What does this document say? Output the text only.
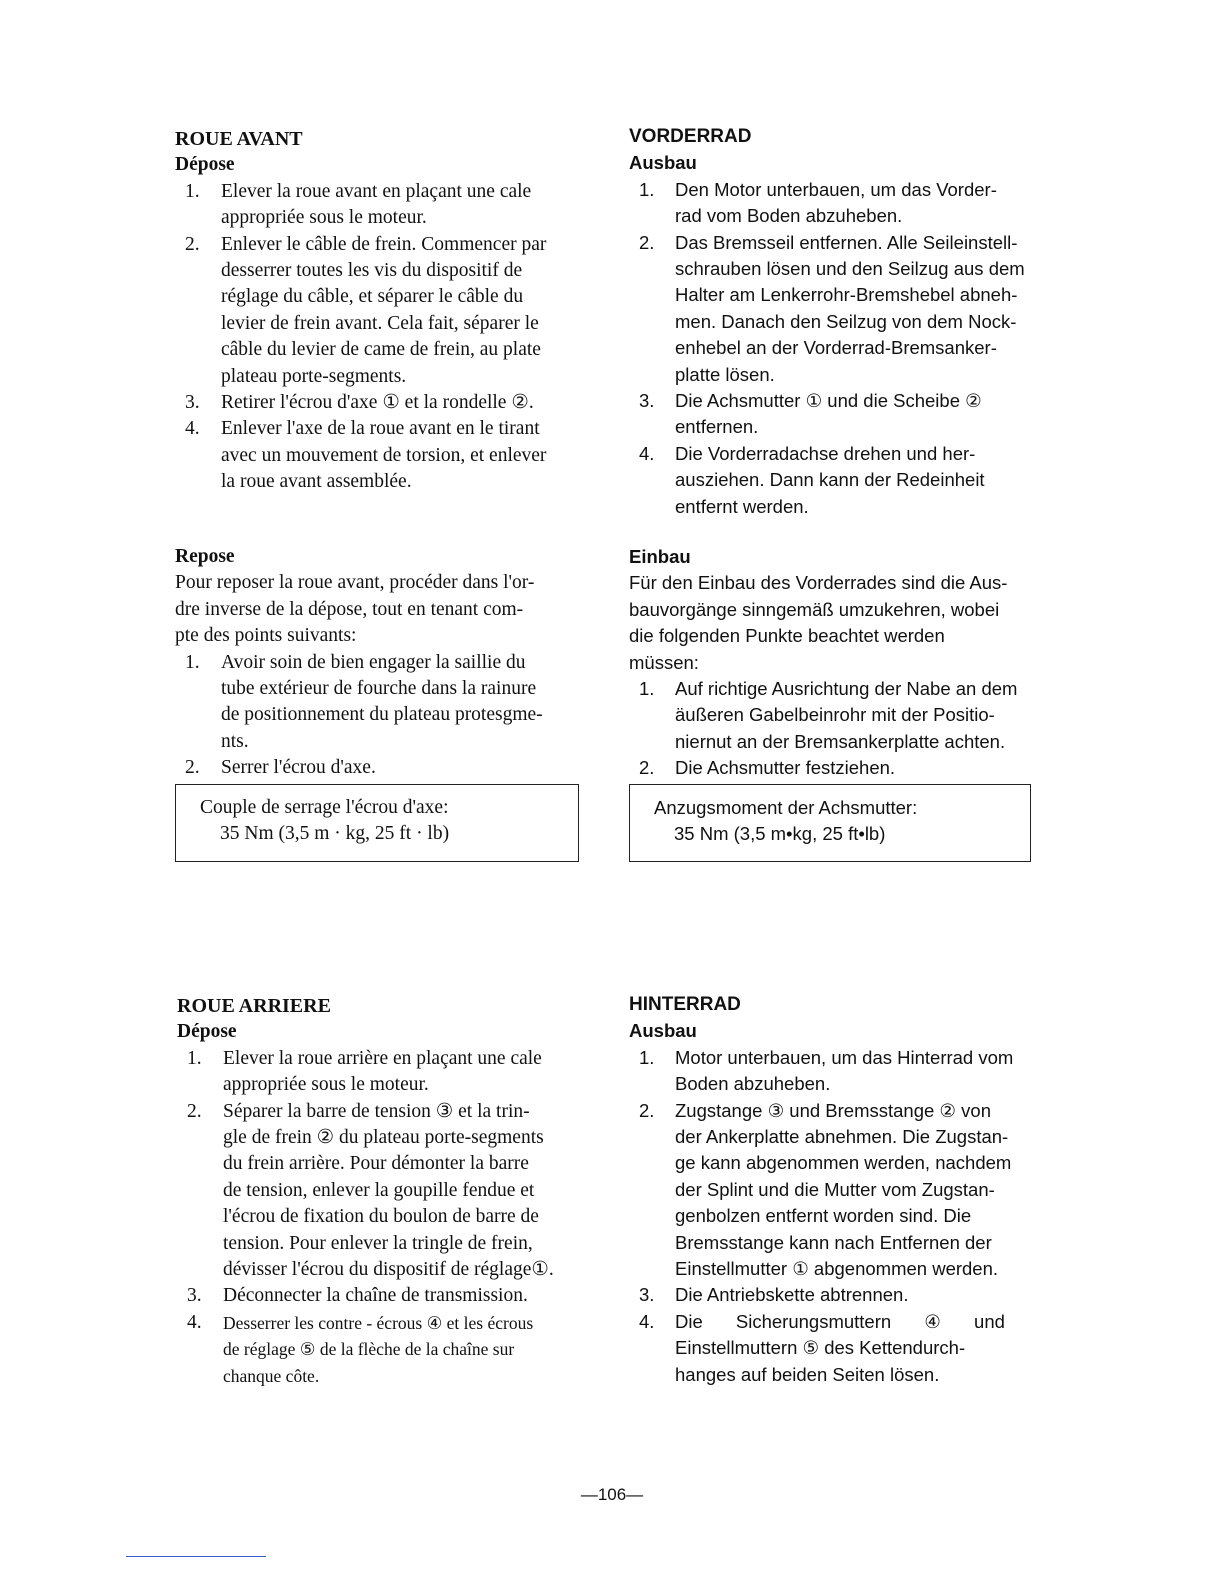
ROUE AVANT

Dépose

1. Elever la roue avant en plaçant une cale
appropriée sous le moteur.
2. Enlever le câble de frein. Commencer par
desserrer toutes les vis du dispositif de
réglage du câble, et séparer le câble du
levier de frein avant. Cela fait, séparer le
câble du levier de came de frein, au plate
plateau porte-segments.
3. Retirer l'écrou d'axe ① et la rondelle ②.
4. Enlever l'axe de la roue avant en le tirant
avec un mouvement de torsion, et enlever
la roue avant assemblée.

Repose

Pour reposer la roue avant, procéder dans l'or-
dre inverse de la dépose, tout en tenant com-
pte des points suivants:
1. Avoir soin de bien engager la saillie du
tube extérieur de fourche dans la rainure
de positionnement du plateau protesgme-
nts.
2. Serrer l'écrou d'axe.
Couple de serrage l'écrou d'axe:
35 Nm (3,5 m · kg, 25 ft · lb)

VORDERRAD

Ausbau

1. Den Motor unterbauen, um das Vorder-
rad vom Boden abzuheben.
2. Das Bremsseil entfernen. Alle Seileinstell-
schrauben lösen und den Seilzug aus dem
Halter am Lenkerrohr-Bremshebel abneh-
men. Danach den Seilzug von dem Nock-
enhebel an der Vorderrad-Bremsanker-
platte lösen.
3. Die Achsmutter ① und die Scheibe ②
entfernen.
4. Die Vorderradachse drehen und her-
ausziehen. Dann kann der Redeinheit
entfernt werden.

Einbau

Für den Einbau des Vorderrades sind die Aus-
bauvorgänge sinngemäß umzukehren, wobei
die folgenden Punkte beachtet werden
müssen:
1. Auf richtige Ausrichtung der Nabe an dem
äußeren Gabelbeinrohr mit der Positio-
niernut an der Bremsankerplatte achten.
2. Die Achsmutter festziehen.
Anzugsmoment der Achsmutter:
35 Nm (3,5 m•kg, 25 ft•lb)

ROUE ARRIERE

Dépose

1. Elever la roue arrière en plaçant une cale
appropriée sous le moteur.
2. Séparer la barre de tension ③ et la trin-
gle de frein ② du plateau porte-segments
du frein arrière. Pour démonter la barre
de tension, enlever la goupille fendue et
l'écrou de fixation du boulon de barre de
tension. Pour enlever la tringle de frein,
dévisser l'écrou du dispositif de réglage①.
3. Déconnecter la chaîne de transmission.
4. Desserrer les contre - écrous ④ et les écrous
de réglage ⑤ de la flèche de la chaîne sur
chanque côte.

HINTERRAD

Ausbau

1. Motor unterbauen, um das Hinterrad vom
Boden abzuheben.
2. Zugstange ③ und Bremsstange ② von
der Ankerplatte abnehmen. Die Zugstan-
ge kann abgenommen werden, nachdem
der Splint und die Mutter vom Zugstan-
genbolzen entfernt worden sind. Die
Bremsstange kann nach Entfernen der
Einstellmutter ① abgenommen werden.
3. Die Antriebskette abtrennen.
4. Die Sicherungsmuttern ④ und
Einstellmuttern ⑤ des Kettendurch-
hanges auf beiden Seiten lösen.
—106—
